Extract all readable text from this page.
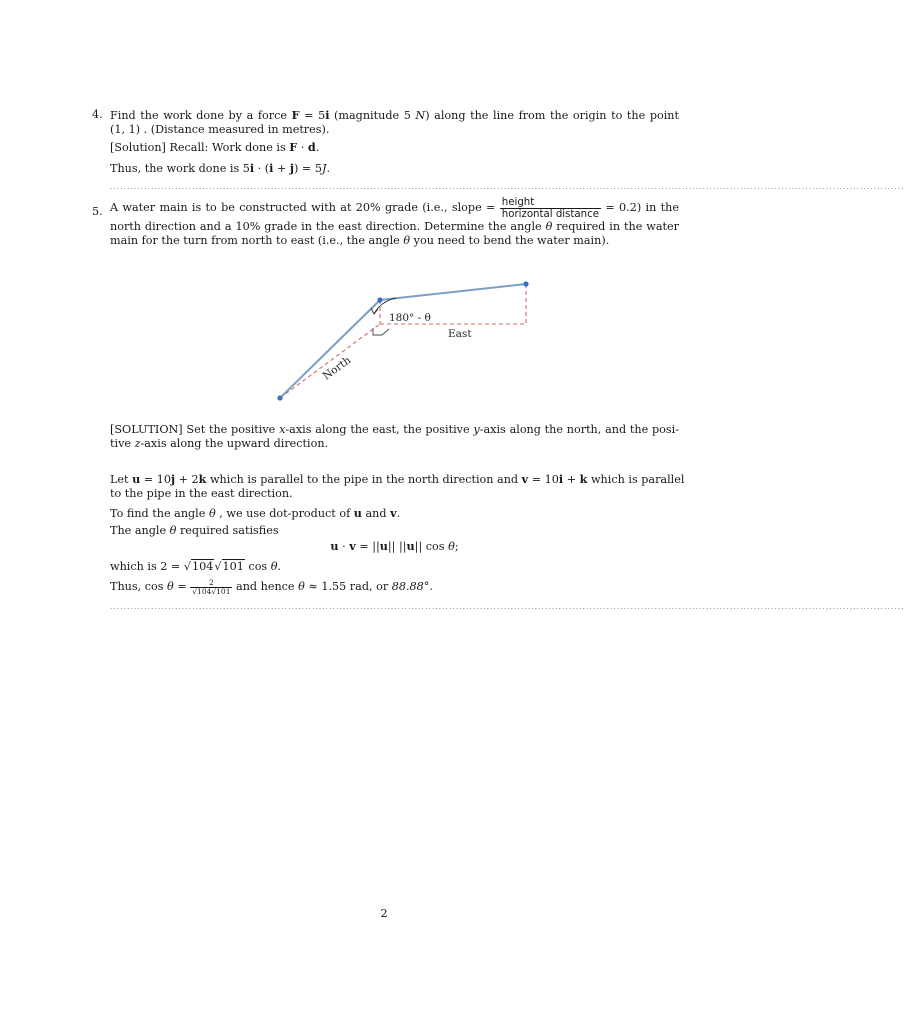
4. Find the work done by a force F = 5i (magnitude 5 N) along the line from the origin to the point
(1, 1) . (Distance measured in metres).
[Solution] Recall: Work done is F · d.
Thus, the work done is 5i · (i + j) = 5J.
........................................................................................................................................................................................................................................
5. A water main is to be constructed with at 20% grade (i.e., slope = $\frac{\text{height}}{\text{horizontal distance}} = 0.2$) in the
north direction and a 10% grade in the east direction. Determine the angle θ required in the water
main for the turn from north to east (i.e., the angle θ you need to bend the water main).
180° - θ
East
North
[SOLUTION] Set the positive x-axis along the east, the positive y-axis along the north, and the posi-
tive z-axis along the upward direction.
Let u = 10j + 2k which is parallel to the pipe in the north direction and v = 10i + k which is parallel
to the pipe in the east direction.
To find the angle θ , we use dot-product of u and v.
The angle θ required satisfies
u · v = ||u|| ||u|| cos θ;
which is 2 = √104√101 cos θ.
Thus, $\cos \theta = \frac{2}{√104√101}$ and hence θ ≈ 1.55 rad, or 88.88°.
........................................................................................................................................................................................................................................
2
